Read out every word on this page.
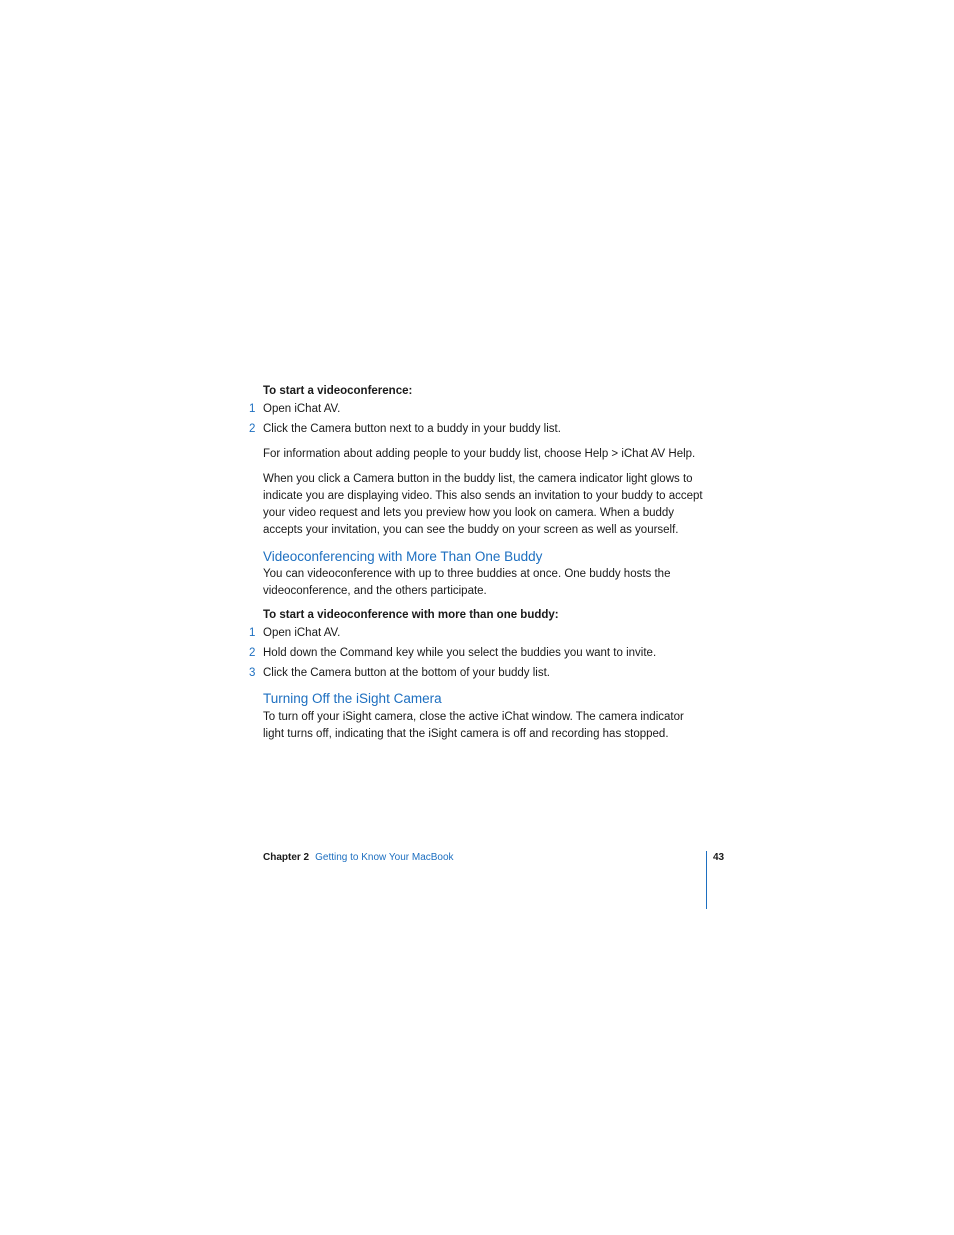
To start a videoconference:
1 Open iChat AV.
2 Click the Camera button next to a buddy in your buddy list.
For information about adding people to your buddy list, choose Help > iChat AV Help.
When you click a Camera button in the buddy list, the camera indicator light glows to indicate you are displaying video. This also sends an invitation to your buddy to accept your video request and lets you preview how you look on camera. When a buddy accepts your invitation, you can see the buddy on your screen as well as yourself.
Videoconferencing with More Than One Buddy
You can videoconference with up to three buddies at once. One buddy hosts the videoconference, and the others participate.
To start a videoconference with more than one buddy:
1 Open iChat AV.
2 Hold down the Command key while you select the buddies you want to invite.
3 Click the Camera button at the bottom of your buddy list.
Turning Off the iSight Camera
To turn off your iSight camera, close the active iChat window. The camera indicator light turns off, indicating that the iSight camera is off and recording has stopped.
Chapter 2 Getting to Know Your MacBook	43
